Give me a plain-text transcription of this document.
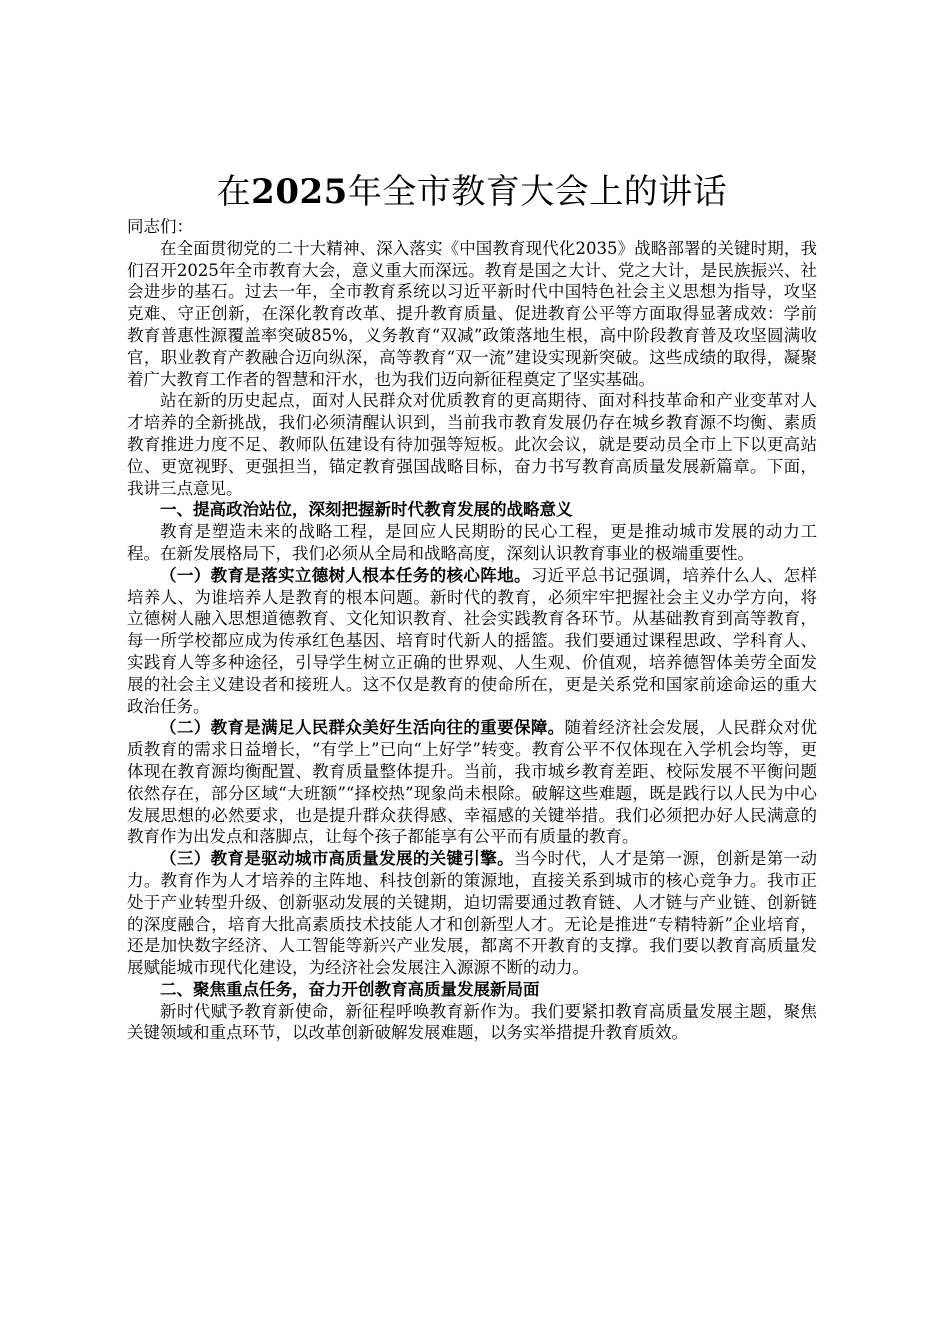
在2025年全市教育大会上的讲话

同志们：

在全面贯彻党的二十大精神、深入落实《中国教育现代化2035》战略部署的关键时期，我们召开2025年全市教育大会，意义重大而深远。教育是国之大计、党之大计，是民族振兴、社会进步的基石。过去一年，全市教育系统以习近平新时代中国特色社会主义思想为指导，攻坚克难、守正创新，在深化教育改革、提升教育质量、促进教育公平等方面取得显著成效：学前教育普惠性源覆盖率突破85%，义务教育“双减”政策落地生根，高中阶段教育普及攻坚圆满收官，职业教育产教融合迈向纵深，高等教育“双一流”建设实现新突破。这些成绩的取得，凝聚着广大教育工作者的智慧和汗水，也为我们迈向新征程奠定了坚实基础。

站在新的历史起点，面对人民群众对优质教育的更高期待、面对科技革命和产业变革对人才培养的全新挑战，我们必须清醒认识到，当前我市教育发展仍存在城乡教育源不均衡、素质教育推进力度不足、教师队伍建设有待加强等短板。此次会议，就是要动员全市上下以更高站位、更宽视野、更强担当，锚定教育强国战略目标，奋力书写教育高质量发展新篇章。下面，我讲三点意见。

一、提高政治站位，深刻把握新时代教育发展的战略意义

教育是塑造未来的战略工程，是回应人民期盼的民心工程，更是推动城市发展的动力工程。在新发展格局下，我们必须从全局和战略高度，深刻认识教育事业的极端重要性。

（一）教育是落实立德树人根本任务的核心阵地。习近平总书记强调，培养什么人、怎样培养人、为谁培养人是教育的根本问题。新时代的教育，必须牢牢把握社会主义办学方向，将立德树人融入思想道德教育、文化知识教育、社会实践教育各环节。从基础教育到高等教育，每一所学校都应成为传承红色基因、培育时代新人的摇篮。我们要通过课程思政、学科育人、实践育人等多种途径，引导学生树立正确的世界观、人生观、价值观，培养德智体美劳全面发展的社会主义建设者和接班人。这不仅是教育的使命所在，更是关系党和国家前途命运的重大政治任务。

（二）教育是满足人民群众美好生活向往的重要保障。随着经济社会发展，人民群众对优质教育的需求日益增长，“有学上”已向“上好学”转变。教育公平不仅体现在入学机会均等，更体现在教育源均衡配置、教育质量整体提升。当前，我市城乡教育差距、校际发展不平衡问题依然存在，部分区域“大班额”“择校热”现象尚未根除。破解这些难题，既是践行以人民为中心发展思想的必然要求，也是提升群众获得感、幸福感的关键举措。我们必须把办好人民满意的教育作为出发点和落脚点，让每个孩子都能享有公平而有质量的教育。

（三）教育是驱动城市高质量发展的关键引擎。当今时代，人才是第一源，创新是第一动力。教育作为人才培养的主阵地、科技创新的策源地，直接关系到城市的核心竞争力。我市正处于产业转型升级、创新驱动发展的关键期，迫切需要通过教育链、人才链与产业链、创新链的深度融合，培育大批高素质技术技能人才和创新型人才。无论是推进“专精特新”企业培育，还是加快数字经济、人工智能等新兴产业发展，都离不开教育的支撑。我们要以教育高质量发展赋能城市现代化建设，为经济社会发展注入源源不断的动力。

二、聚焦重点任务，奋力开创教育高质量发展新局面

新时代赋予教育新使命，新征程呼唤教育新作为。我们要紧扣教育高质量发展主题，聚焦关键领域和重点环节，以改革创新破解发展难题，以务实举措提升教育质效。
